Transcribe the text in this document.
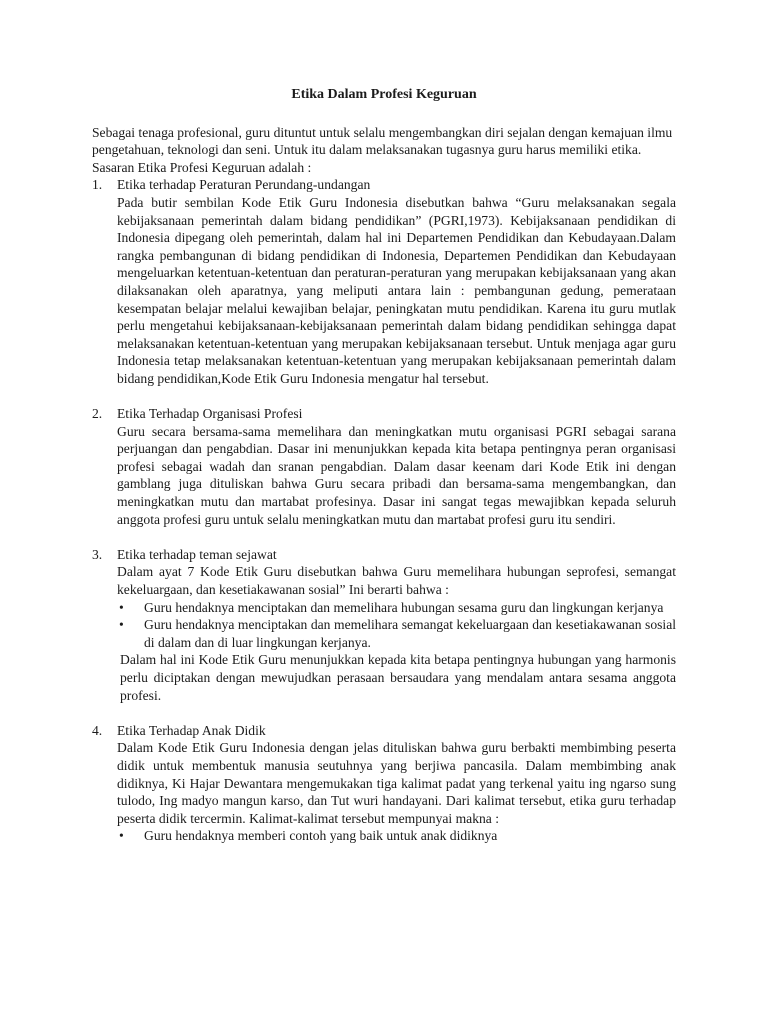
Etika Dalam Profesi Keguruan

Sebagai tenaga profesional, guru dituntut untuk selalu mengembangkan diri sejalan dengan kemajuan ilmu pengetahuan, teknologi dan seni. Untuk itu dalam melaksanakan tugasnya guru harus memiliki etika. Sasaran Etika Profesi Keguruan adalah :

1. Etika terhadap Peraturan Perundang-undangan
Pada butir sembilan Kode Etik Guru Indonesia disebutkan bahwa “Guru melaksanakan segala kebijaksanaan pemerintah dalam bidang pendidikan” (PGRI,1973). Kebijaksanaan pendidikan di Indonesia dipegang oleh pemerintah, dalam hal ini Departemen Pendidikan dan Kebudayaan.Dalam rangka pembangunan di bidang pendidikan di Indonesia, Departemen Pendidikan dan Kebudayaan mengeluarkan ketentuan-ketentuan dan peraturan-peraturan yang merupakan kebijaksanaan yang akan dilaksanakan oleh aparatnya, yang meliputi antara lain : pembangunan gedung, pemerataan kesempatan belajar melalui kewajiban belajar, peningkatan mutu pendidikan. Karena itu guru mutlak perlu mengetahui kebijaksanaan-kebijaksanaan pemerintah dalam bidang pendidikan sehingga dapat melaksanakan ketentuan-ketentuan yang merupakan kebijaksanaan tersebut. Untuk menjaga agar guru Indonesia tetap melaksanakan ketentuan-ketentuan yang merupakan kebijaksanaan pemerintah dalam bidang pendidikan,Kode Etik Guru Indonesia mengatur hal tersebut.
2. Etika Terhadap Organisasi Profesi
Guru secara bersama-sama memelihara dan meningkatkan mutu organisasi PGRI sebagai sarana perjuangan dan pengabdian. Dasar ini menunjukkan kepada kita betapa pentingnya peran organisasi profesi sebagai wadah dan sranan pengabdian. Dalam dasar keenam dari Kode Etik ini dengan gamblang juga dituliskan bahwa Guru secara pribadi dan bersama-sama mengembangkan, dan meningkatkan mutu dan martabat profesinya. Dasar ini sangat tegas mewajibkan kepada seluruh anggota profesi guru untuk selalu meningkatkan mutu dan martabat profesi guru itu sendiri.
3. Etika terhadap teman sejawat
Dalam ayat 7 Kode Etik Guru disebutkan bahwa Guru memelihara hubungan seprofesi, semangat kekeluargaan, dan kesetiakawanan sosial” Ini berarti bahwa :
• Guru hendaknya menciptakan dan memelihara hubungan sesama guru dan lingkungan kerjanya
• Guru hendaknya menciptakan dan memelihara semangat kekeluargaan dan kesetiakawanan sosial di dalam dan di luar lingkungan kerjanya.
Dalam hal ini Kode Etik Guru menunjukkan kepada kita betapa pentingnya hubungan yang harmonis perlu diciptakan dengan mewujudkan perasaan bersaudara yang mendalam antara sesama anggota profesi.
4. Etika Terhadap Anak Didik
Dalam Kode Etik Guru Indonesia dengan jelas dituliskan bahwa guru berbakti membimbing peserta didik untuk membentuk manusia seutuhnya yang berjiwa pancasila. Dalam membimbing anak didiknya, Ki Hajar Dewantara mengemukakan tiga kalimat padat yang terkenal yaitu ing ngarso sung tulodo, Ing madyo mangun karso, dan Tut wuri handayani. Dari kalimat tersebut, etika guru terhadap peserta didik tercermin. Kalimat-kalimat tersebut mempunyai makna :
• Guru hendaknya memberi contoh yang baik untuk anak didiknya
